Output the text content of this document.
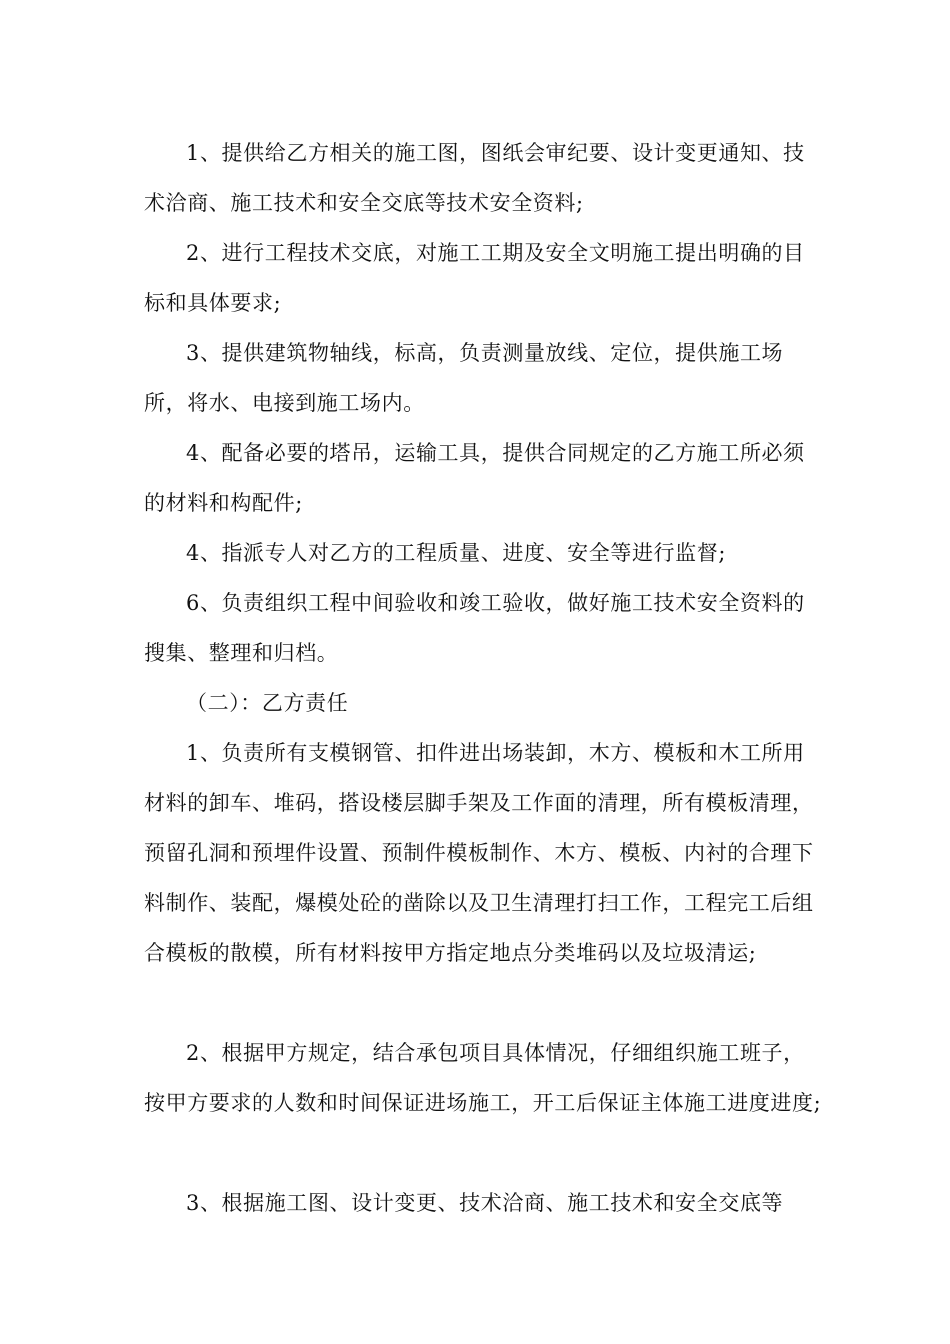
1、提供给乙方相关的施工图，图纸会审纪要、设计变更通知、技术洽商、施工技术和安全交底等技术安全资料;

2、进行工程技术交底，对施工工期及安全文明施工提出明确的目标和具体要求;

3、提供建筑物轴线，标高，负责测量放线、定位，提供施工场所，将水、电接到施工场内。

4、配备必要的塔吊，运输工具，提供合同规定的乙方施工所必须的材料和构配件;

4、指派专人对乙方的工程质量、进度、安全等进行监督;

6、负责组织工程中间验收和竣工验收，做好施工技术安全资料的搜集、整理和归档。

（二）：乙方责任

1、负责所有支模钢管、扣件进出场装卸，木方、模板和木工所用材料的卸车、堆码，搭设楼层脚手架及工作面的清理，所有模板清理，预留孔洞和预埋件设置、预制件模板制作、木方、模板、内衬的合理下料制作、装配，爆模处砼的凿除以及卫生清理打扫工作，工程完工后组合模板的散模，所有材料按甲方指定地点分类堆码以及垃圾清运;

2、根据甲方规定，结合承包项目具体情况，仔细组织施工班子，按甲方要求的人数和时间保证进场施工，开工后保证主体施工进度进度;

3、根据施工图、设计变更、技术洽商、施工技术和安全交底等
